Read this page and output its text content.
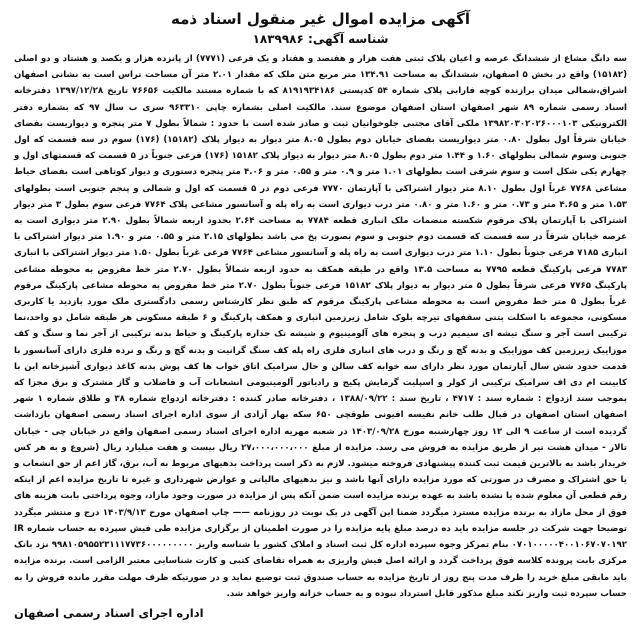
آگهی مزایده اموال غیر منقول اسناد ذمه
شناسه آگهی: ۱۸۳۹۹۸۶

سه دانگ مشاع از ششدانگ عرصه و اعیان پلاک ثبتی هفت هزار و هفتصد و هفتاد و یک فرعی (۷۷۷۱) از پانزده هزار و یکصد و هشتاد و دو اصلی (۱۵۱۸۲) واقع در بخش ۵ اصفهان، ششدانگ به مساحت ۱۳۴.۹۱ متر مربع متن ملک که مقدار ۲.۰۱ متر آن مساحت تراس است به نشانی اصفهان اشراق،شمالی میدان برازنده کوچه فارابی پلاک شماره ۵۴ کدپستی ۸۱۹۱۹۳۴۱۸۶ که با شماره مستند مالکیت ۷۶۶۵۶ تاریخ ۱۳۹۷/۱۲/۲۸ دفترخانه اسناد رسمی شماره ۸۹ شهر اصفهان استان اصفهان موضوع سند. مالکیت اصلی بشماره چاپی ۹۶۳۳۱۰ سری ب سال ۹۷ که بشماره دفتر الکترونیکی ۱۳۹۸۲۰۳۰۲۰۲۶۰۰۰۱۰۳ ملکی آقای مجتبی جلوخوانیان ثبت و صادر شده است با حدود : شمالاً بطول ۷ متر پنجره و دیواریست بفضای خیابان شرقاً اول بطول ۰.۸۰ متر دیواریست بفضای خیابان دوم بطول ۸.۰۵ متر دیوار به دیوار پلاک (۱۵۱۸۲) (۱۷۶) سوم در سه قسمت که اول جنوبی وسوم شمالی بطولهای ۱.۶۰ و ۱.۴۴ متر دوم بطول ۸.۰۵ متر دیوار به دیوار پلاک ۱۵۱۸۲ (۱۷۶) فرعی جنوباً در ۵ قسمت که قسمتهای اول و چهارم یکی شکل است و سوم شرقی است بطولهای ۱.۰۱ متر و ۰.۹ متر و ۰.۵۵ متر و ۴.۰۶ متر پنجره دستوری و دیوار کوتاهی است بفضای حیاط مشاعی ۷۷۶۸ غرباً اول بطول ۸.۱۰ متر دیوار اشتراکی با آپارتمان ۷۷۷۰ فرعی دوم در ۵ قسمت که اول و شمالی و پنجم جنوبی است بطولهای ۱.۵۳ متر و ۴.۶۵ متر و ۰.۷۳ متر و ۱.۶۰ متر و ۰.۸۰ متر درب دیواری است به راه پله و آسانسور مشاعی پلاک ۷۷۶۴ فرعی سوم بطول ۳ متر دیوار اشتراکی با آپارتمان پلاک مرقوم شکسته منضمات ملک انباری قطعه ۷۷۸۴ به مساحت ۲.۶۴ بحدود اربعه شمالاً بطول ۲.۹۰ متر دیواری است به عرصه خیابان شرقاً در سه قسمت که قسمت دوم جنوبی و سوم بصورت پخ می باشد بطولهای ۲.۱۵ متر و ۰.۵۵ متر و ۱.۹۰ متر دیوار اشتراکی با انباری ۷۱۸۵ فرعی جنوباً بطول ۱.۱۰ متر درب دیواری است به راه پله و آسانسور مشاعی ۷۷۶۴ فرعی غرباً بطول ۱.۵۰ متر دیوار اشتراکی با انباری ۷۷۸۳ فرعی پارکینگ قطعه ۷۷۹۵ به مساحت ۱۳.۵ واقع در طبقه همکف به حدود اربعه شمالاً بطول ۲.۷۰ متر خط مفروض به محوطه مشاعی پارکینگ ۷۷۶۵ فرعی شرقاً بطول ۵ متر دیوار به دیوار پلاک ۱۵۱۸۲ فرعی جنوباً بطول ۲.۷۰ متر خط مفروض به محوطه مشاعی پارکینگ مرقوم غرباً بطول ۵ متر خط مفروض است به محوطه مشاعی پارکینگ مرقوم که طبق نظر کارشناس رسمی دادگستری ملک مورد بازدید یا کاربری مسکونی، مجموعه با اسکلت بتنی سقفهای تیرچه بلوک شامل زیرزمین انباری و همکف پارکینگ و ۶ طبقه مسکونی هر طبقه شامل دو واحد،نما ترکیبی است آجر و سنگ تیشه ای سیمیم درب و پنجره های آلومینیوم و شیشه تک جداره پارکینگ و حیاط بدنه ترکیبی از آجر نما و سنگ و کف موزاییک زیرزمین کف موزاییک و بدنه گچ و رنگ و درب های انباری فلزی راه پله کف سنگ گرانیت و بدنه گچ و رنگ و نرده فلزی دارای آسانسور با قدمت حدود شش سال آپارتمان مورد نظر دارای سه خوابه کف سالن و حال سرامیک اتاق خواب ها کف پوش بدنه کاغذ دیواری آشپزخانه این با کابینت ام دی اف سرامیک ترکیبی از کولر و اسپلیت گرمایش پکیج و رادیاتور آلومینیومی انشعابات آب و فاضلاب و گاز مشترک و برق مجزا که بموجب سند ازدواج : شماره سند : ۴۷۱۷ ، تاریخ سند : ۱۳۸۸/۰۹/۲۲ ، دفترخانه صادر کننده : دفترخانه ازدواج شماره ۳۸ و طلاق شماره ۱ شهر اصفهان استان اصفهان در قبال طلب خانم نفیسه افیونی طوقچی ۶۵۰ سکه بهار آزادی از سوی اداره اجرای اسناد رسمی اصفهان بازداشت گردیده است از ساعت ۹ الی ۱۲ روز چهارشنبه مورخ ۱۴۰۳/۰۹/۲۸ در شعبه مهریه اداره اجرای اسناد رسمی اصفهان واقع در خیابان چی - خیابان تالار - میدان هشت تیر از طریق مزایده به فروش می رسد. مزایده از مبلغ ۲۷،۰۰۰،۰۰۰،۰۰۰ ریال بیست و هفت میلیارد ریال (شروع و به هر کس خریدار باشد به بالاترین قیمت ثبت کننده پیشنهادی فروخته میشود. لازم به ذکر است پرداخت بدهیهای مربوط به آب، برق، گاز اعم از حق انشعاب و یا حق اشتراک و مصرف در صورتی که مورد مزایده دارای آنها باشد و نیز بدهیهای مالیاتی و عوارض شهرداری و غیره تا تاریخ مزایده اعم از اینکه رقم قطعی آن معلوم شده یا نشده باشد به عهده برنده مزایده است ضمن آنکه پس از مزایده در صورت وجود مازاد، وجوه پرداختی بابت هزینه های فوق از محل مازاد به برنده مزایده مسترد میگردد ضمنا این آگهی در یک نوبت در روزنامه —— چاپ اصفهان مورخ ۱۴۰۳/۹/۱۳ درج و منتشر میگردد توضیحا جهت شرکت در جلسه مزایده باید ده درصد مبلغ پایه مزایده را در صورت اطمینان از برگزاری مزایده طی فیش سپرده به حساب شماره IR ۰۷۰۱۰۰۰۰۰۴۰۰۱۰۶۷۰۷۰۱۹۲ بنام تمرکز وجوه سپرده اداره کل ثبت اسناد و املاک کشور یا شناسه واریز ۹۹۸۱۰۵۹۵۵۲۳۱۱۱۷۷۳۶۰۰۰۰۰۰۰۰۰ نزد بانک مرکزی بابت پرونده کلاسه فوق پرداخت گردد و ارائه اصل فیش واریزی به همراه تقاضای کتبی و کارت شناسایی معتبر الزامی است. برنده مزایده باید مابقی مبلغ خرید را ظرف مدت پنج روز از تاریخ مزایده به حساب صندوق ثبت توضیع نماید و در صورتیکه ظرف مهلت مقرر مانده فروش را به حساب سپرده ثبت واریز نکند مبلغ مذکور قابل استرداد نبوده و به حساب خزانه واریز خواهد شد.

اداره اجرای اسناد رسمی اصفهان
